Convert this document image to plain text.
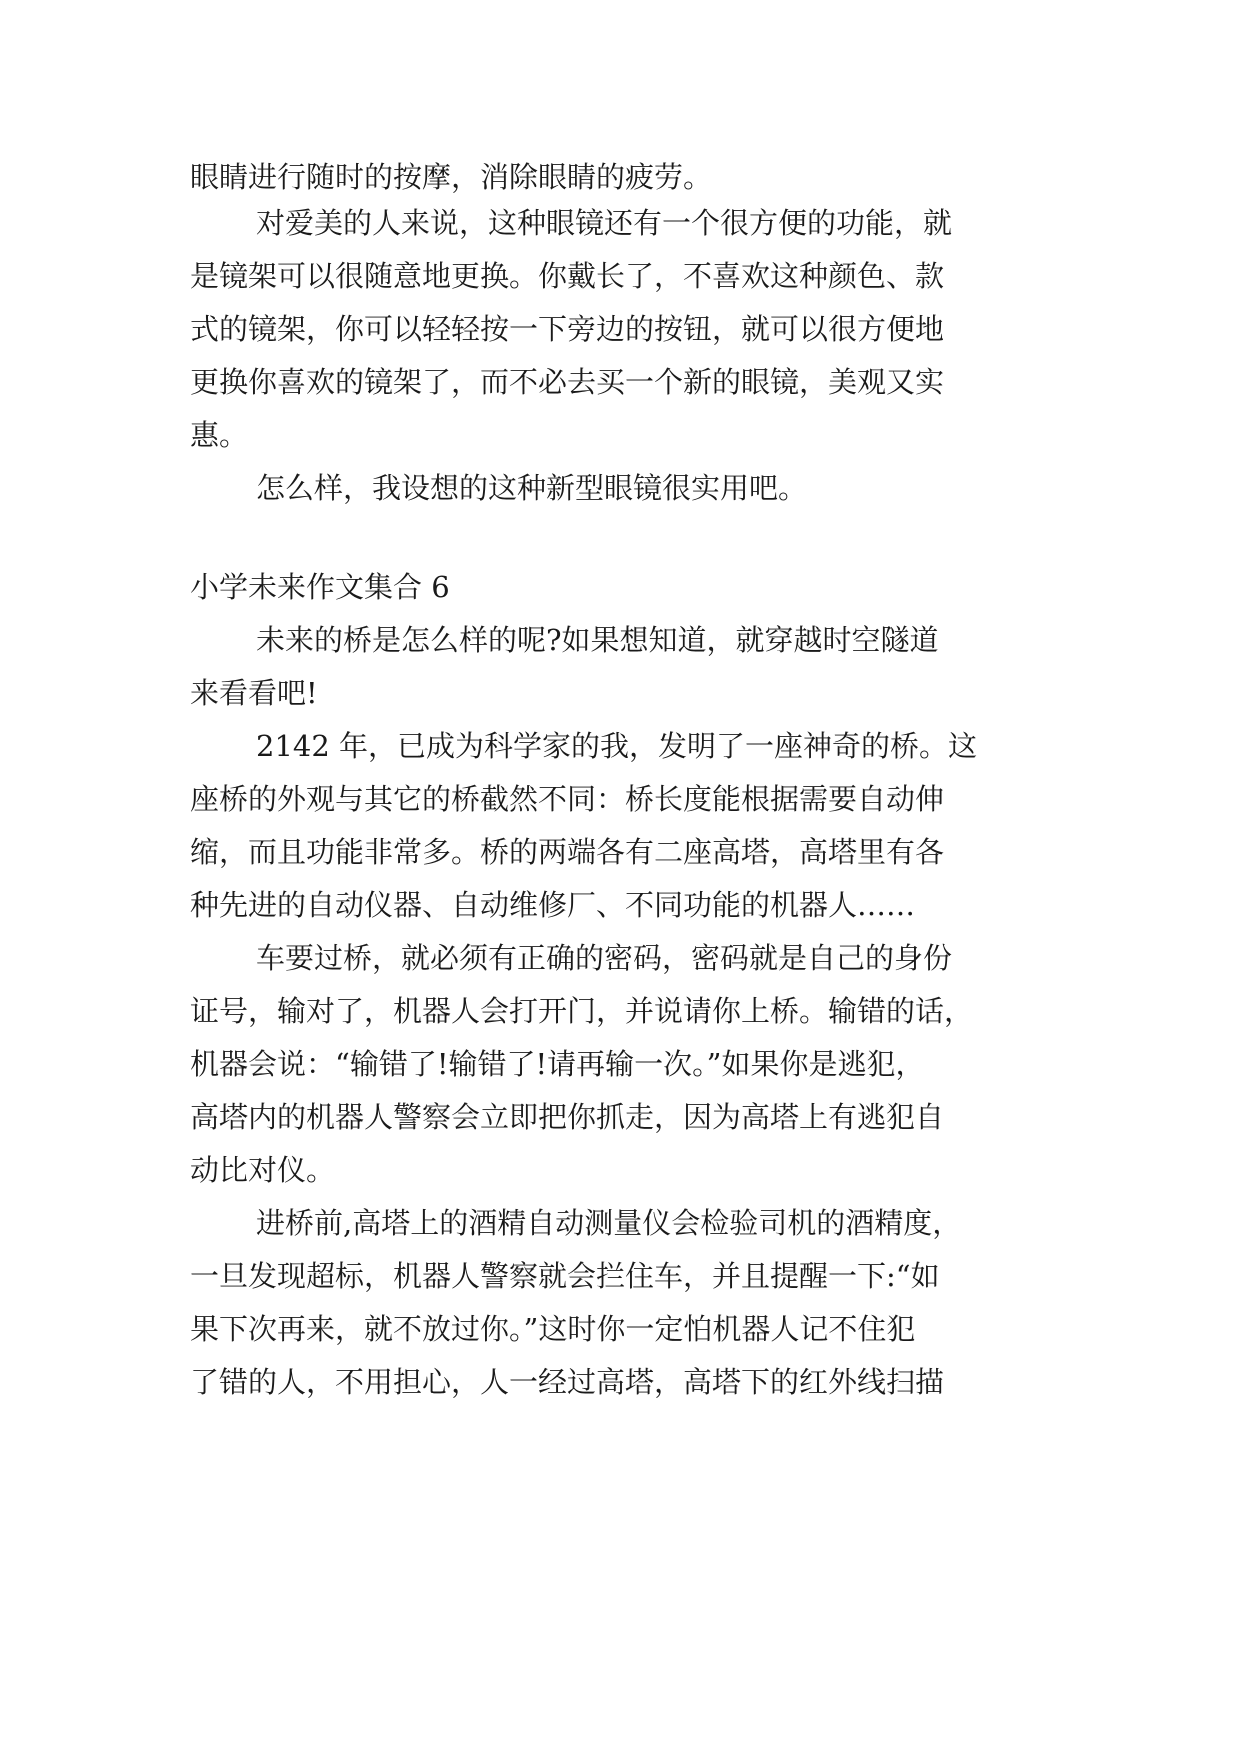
眼睛进行随时的按摩，消除眼睛的疲劳。
对爱美的人来说，这种眼镜还有一个很方便的功能，就
是镜架可以很随意地更换。你戴长了，不喜欢这种颜色、款
式的镜架，你可以轻轻按一下旁边的按钮，就可以很方便地
更换你喜欢的镜架了，而不必去买一个新的眼镜，美观又实
惠。
怎么样，我设想的这种新型眼镜很实用吧。
小学未来作文集合 6
未来的桥是怎么样的呢?如果想知道，就穿越时空隧道
来看看吧!
2142 年，已成为科学家的我，发明了一座神奇的桥。这
座桥的外观与其它的桥截然不同：桥长度能根据需要自动伸
缩，而且功能非常多。桥的两端各有二座高塔，高塔里有各
种先进的自动仪器、自动维修厂、不同功能的机器人……
车要过桥，就必须有正确的密码，密码就是自己的身份
证号，输对了，机器人会打开门，并说请你上桥。输错的话，
机器会说：“输错了!输错了!请再输一次。”如果你是逃犯，
高塔内的机器人警察会立即把你抓走，因为高塔上有逃犯自
动比对仪。
进桥前,高塔上的酒精自动测量仪会检验司机的酒精度，
一旦发现超标，机器人警察就会拦住车，并且提醒一下:“如
果下次再来，就不放过你。”这时你一定怕机器人记不住犯
了错的人，不用担心，人一经过高塔，高塔下的红外线扫描
